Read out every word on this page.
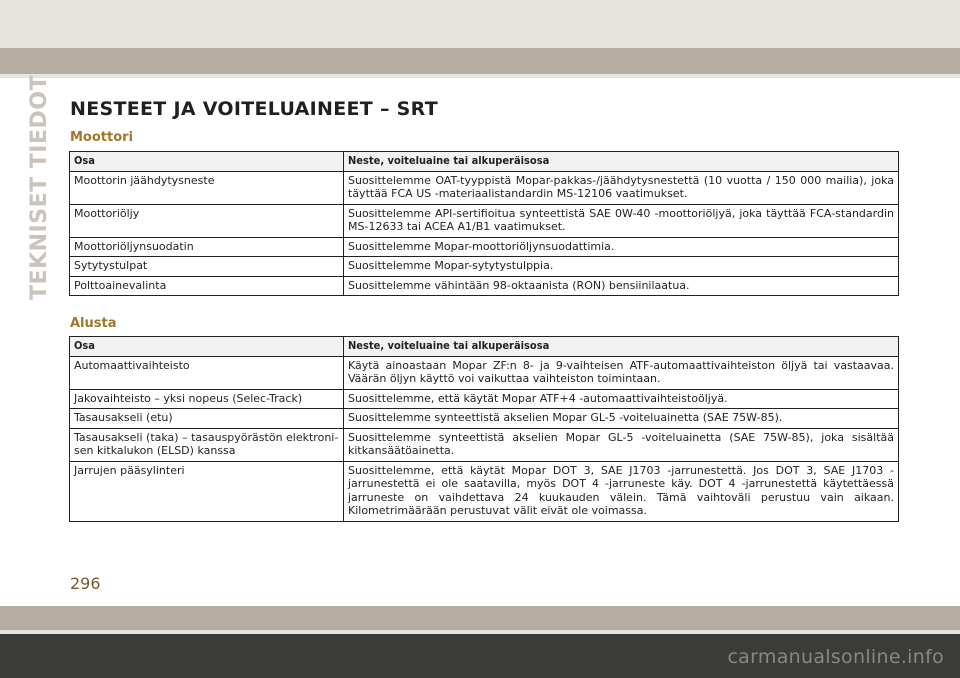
TEKNISET TIEDOT NESTEET JA VOITELUAINEET – SRT
Moottori
Osa	Neste, voiteluaine tai alkuperäisosa
Moottorin jäähdytysneste	Suosittelemme OAT-tyyppistä Mopar-pakkas-/jäähdytysnestettä (10 vuotta / 150 000 mailia), joka täyttää FCA US -materiaalistandardin MS-12106 vaatimukset.
Moottoriöljy	Suosittelemme API-sertifioitua synteettistä SAE 0W-40 -moottoriöljyä, joka täyttää FCA-standardin MS-12633 tai ACEA A1/B1 vaatimukset.
Moottoriöljynsuodatin	Suosittelemme Mopar-moottoriöljynsuodattimia.
Sytytystulpat	Suosittelemme Mopar-sytytystulppia.
Polttoainevalinta	Suosittelemme vähintään 98-oktaanista (RON) bensiinilaatua.
Alusta
Osa	Neste, voiteluaine tai alkuperäisosa
Automaattivaihteisto	Käytä ainoastaan Mopar ZF:n 8- ja 9-vaihteisen ATF-automaattivaihteiston öljyä tai vastaavaa. Väärän öljyn käyttö voi vaikuttaa vaihteiston toimintaan.
Jakovaihteisto – yksi nopeus (Selec-Track)	Suosittelemme, että käytät Mopar ATF+4 -automaattivaihteistoöljyä.
Tasausakseli (etu)	Suosittelemme synteettistä akselien Mopar GL-5 -voiteluainetta (SAE 75W-85).
Tasausakseli (taka) – tasauspyörästön elektroni-sen kitkalukon (ELSD) kanssa	Suosittelemme synteettistä akselien Mopar GL-5 -voiteluainetta (SAE 75W-85), joka sisältää kitkansäätöainetta.
Jarrujen pääsylinteri	Suosittelemme, että käytät Mopar DOT 3, SAE J1703 -jarrunestettä. Jos DOT 3, SAE J1703 -jarrunestettä ei ole saatavilla, myös DOT 4 -jarruneste käy. DOT 4 -jarrunestettä käytettäessä jarruneste on vaihdettava 24 kuukauden välein. Tämä vaihtoväli perustuu vain aikaan. Kilometrimäärään perustuvat välit eivät ole voimassa.
296
carmanualsonline.info
